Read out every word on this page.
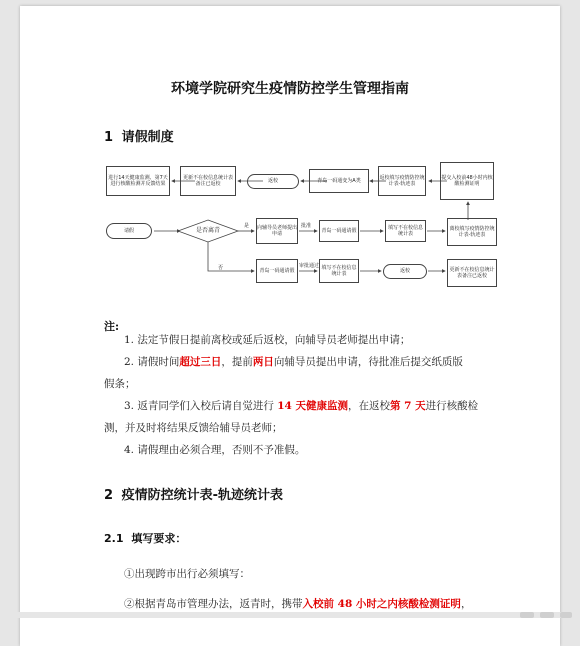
环境学院研究生疫情防控学生管理指南
1 请假制度
进行14天健康监测、第7天进行核酸检测并反馈结果
更新不在校信息统计表备注已返校	返校	青岛一码通变为A类
返校填写疫情防控统计表-轨迹表
提交入校前48小时内核酸检测证明
请假	是否离青
是 向辅导员老师提出申请
批准
青岛一码通请假
填写不在校信息统计表
离校填写疫情防控统计表-轨迹表
否	青岛一码通请假
审批通过 填写不在校信息统计表	返校	更新不在校信息统计表备注已返校
注:
1. 法定节假日提前离校或延后返校，向辅导员老师提出申请；
2. 请假时间超过三日，提前两日向辅导员提出申请，待批准后提交纸质版
假条；
3. 返青同学们入校后请自觉进行 14 天健康监测，在返校第 7 天进行核酸检
测，并及时将结果反馈给辅导员老师；
4. 请假理由必须合理，否则不予准假。
2 疫情防控统计表-轨迹统计表
2.1 填写要求：
①出现跨市出行必须填写：
②根据青岛市管理办法，返青时，携带入校前 48 小时之内核酸检测证明，
